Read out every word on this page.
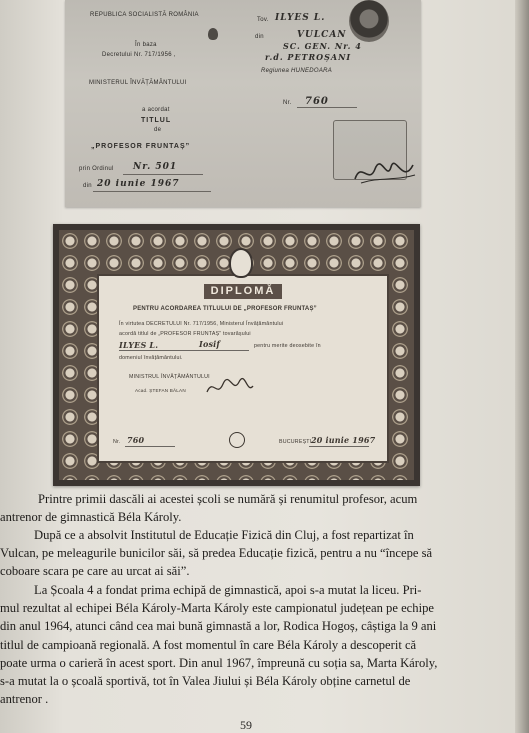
REPUBLICA SOCIALISTĂ ROMÂNIA
În baza
Decretului Nr. 717/1956 ,
MINISTERUL ÎNVĂȚĂMÂNTULUI
a acordat
TITLUL
de
„PROFESOR FRUNTAȘ”
prin Ordinul Nr. 501
din 20 iunie 1967
Tov. ILYES L.
din	VULCAN
SC. GEN. Nr. 4
r.d. PETROȘANI
Regiunea HUNEDOARA
Nr. 760
DIPLOMĂ
PENTRU ACORDAREA TITLULUI DE „PROFESOR FRUNTAȘ”
În virtutea DECRETULUI Nr. 717/1956, Ministerul Învățământului
acordă titlul de „PROFESOR FRUNTAȘ” tovarășului
ILYES L.	Iosif	pentru merite deosebite în
domeniul învățământului.
MINISTRUL ÎNVĂȚĂMÂNTULUI
Acad. ȘTEFAN BĂLAN
Nr. 760	BUCUREȘTI 20 iunie 1967
Printre primii dascăli ai acestei școli se numără și renumitul profesor, acum
antrenor de gimnastică Béla Károly.
După ce a absolvit Institutul de Educație Fizică din Cluj, a fost repartizat în
Vulcan, pe meleagurile bunicilor săi, să predea Educație fizică, pentru a nu “începe să
coboare scara pe care au urcat ai săi”.
La Școala 4 a fondat prima echipă de gimnastică, apoi s-a mutat la liceu. Pri-
mul rezultat al echipei Béla Károly-Marta Károly este campionatul județean pe echipe
din anul 1964, atunci când cea mai bună gimnastă a lor, Rodica Hogoș, câștiga la 9 ani
titlul de campioană regională. A fost momentul în care Béla Károly a descoperit că
poate urma o carieră în acest sport. Din anul 1967, împreună cu soția sa, Marta Károly,
s-a mutat la o școală sportivă, tot în Valea Jiului și Béla Károly obține carnetul de
antrenor .
59
